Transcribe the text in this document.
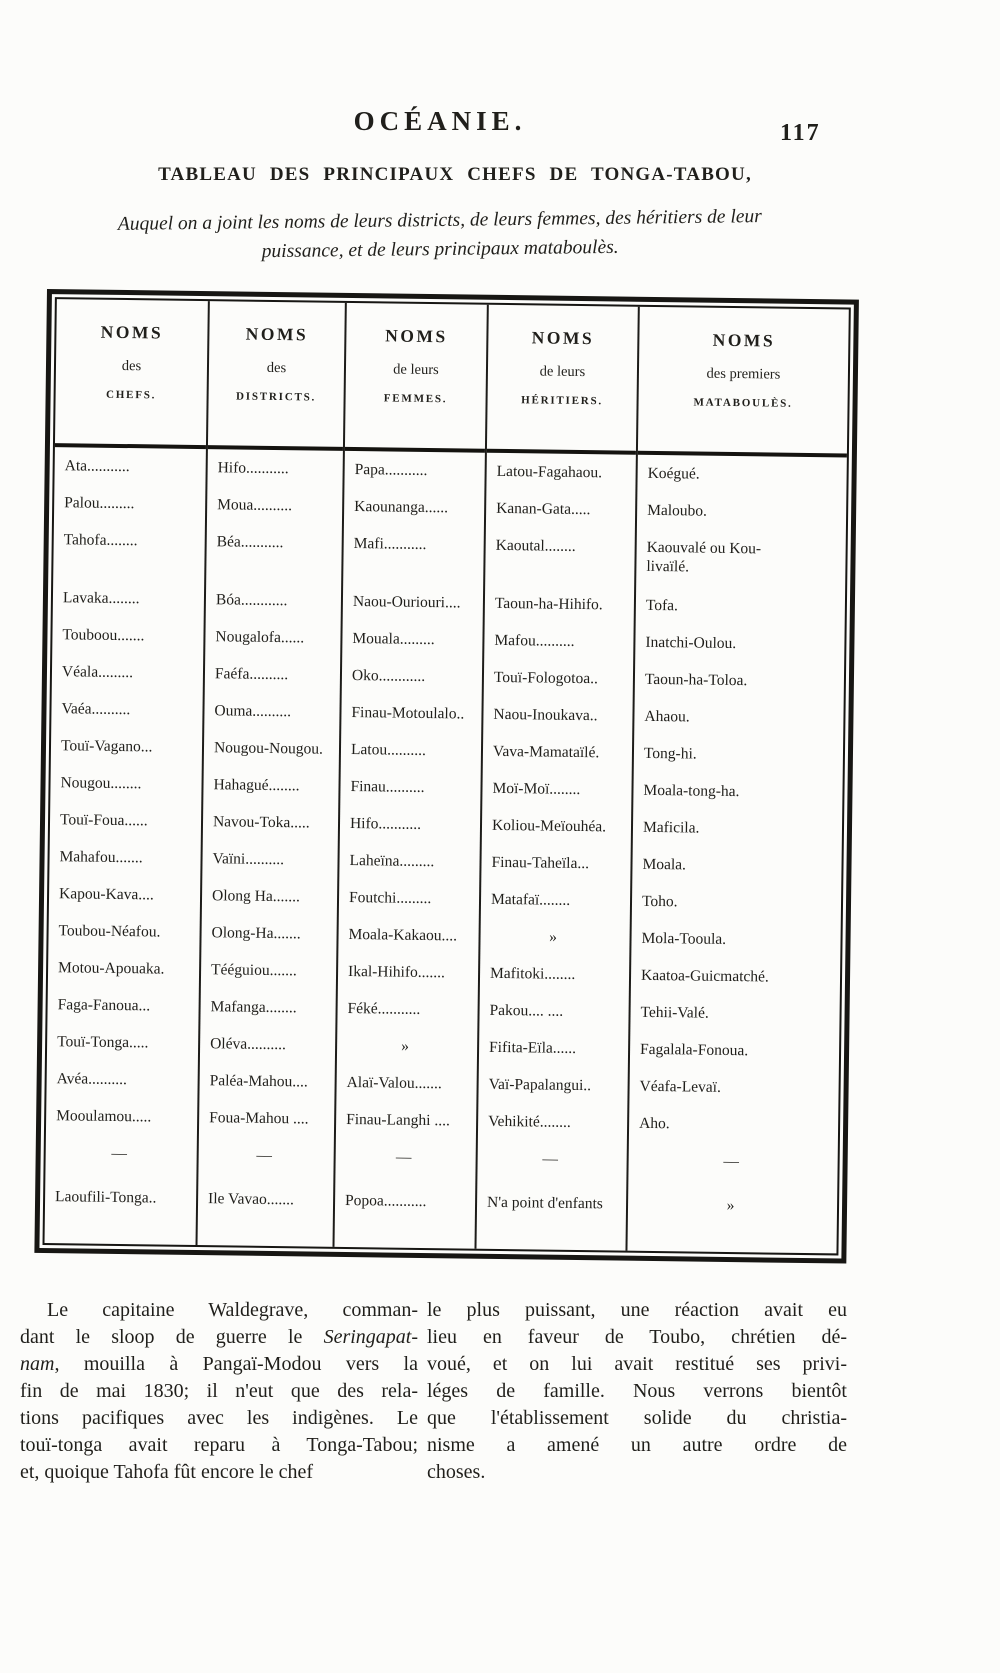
OCÉANIE.	117
TABLEAU DES PRINCIPAUX CHEFS DE TONGA-TABOU,
Auquel on a joint les noms de leurs districts, de leurs femmes, des héritiers de leur
puissance, et de leurs principaux mataboulès.
NOMS
des
CHEFS.
Ata...........
Palou.........
Tahofa........
Lavaka........
Touboou.......
Véala.........
Vaéa..........
Touï-Vagano...
Nougou........
Touï-Foua......
Mahafou.......
Kapou-Kava....
Toubou-Néafou.
Motou-Apouaka.
Faga-Fanoua...
Touï-Tonga.....
Avéa..........
Mooulamou.....
—
Laoufili-Tonga..
NOMS
des
DISTRICTS.
Hifo...........
Moua..........
Béa...........
Bóa............
Nougalofa......
Faéfa..........
Ouma..........
Nougou-Nougou.
Hahagué........
Navou-Toka.....
Vaïni..........
Olong Ha.......
Olong-Ha.......
Tééguiou.......
Mafanga........
Oléva..........
Paléa-Mahou....
Foua-Mahou ....
—
Ile Vavao.......
NOMS
de leurs
FEMMES.
Papa...........
Kaounanga......
Mafi...........
Naou-Ouriouri....
Mouala.........
Oko............
Finau-Motoulalo..
Latou..........
Finau..........
Hifo...........
Laheïna.........
Foutchi.........
Moala-Kakaou....
Ikal-Hihifo.......
Féké...........
»
Alaï-Valou.......
Finau-Langhi ....
—
Popoa...........
NOMS
de leurs
HÉRITIERS.
Latou-Fagahaou.
Kanan-Gata.....
Kaoutal........
Taoun-ha-Hihifo.
Mafou..........
Touï-Fologotoa..
Naou-Inoukava..
Vava-Mamataïlé.
Moï-Moï........
Koliou-Meïouhéa.
Finau-Taheïla...
Matafaï........
»
Mafitoki........
Pakou.... ....
Fifita-Eïla......
Vaï-Papalangui..
Vehikité........
—
N'a point d'enfants
NOMS
des premiers
MATABOULÈS.
Koégué.
Maloubo.
Kaouvalé ou Kou-
livaïlé.
Tofa.
Inatchi-Oulou.
Taoun-ha-Toloa.
Ahaou.
Tong-hi.
Moala-tong-ha.
Maficila.
Moala.
Toho.
Mola-Tooula.
Kaatoa-Guicmatché.
Tehii-Valé.
Fagalala-Fonoua.
Véafa-Levaï.
Aho.
—
»
Le capitaine Waldegrave, comman-
dant le sloop de guerre le Seringapat-
nam, mouilla à Pangaï-Modou vers la
fin de mai 1830; il n'eut que des rela-
tions pacifiques avec les indigènes. Le
touï-tonga avait reparu à Tonga-Tabou;
et, quoique Tahofa fût encore le chef
le plus puissant, une réaction avait eu
lieu en faveur de Toubo, chrétien dé-
voué, et on lui avait restitué ses privi-
léges de famille. Nous verrons bientôt
que l'établissement solide du christia-
nisme a amené un autre ordre de
choses.
